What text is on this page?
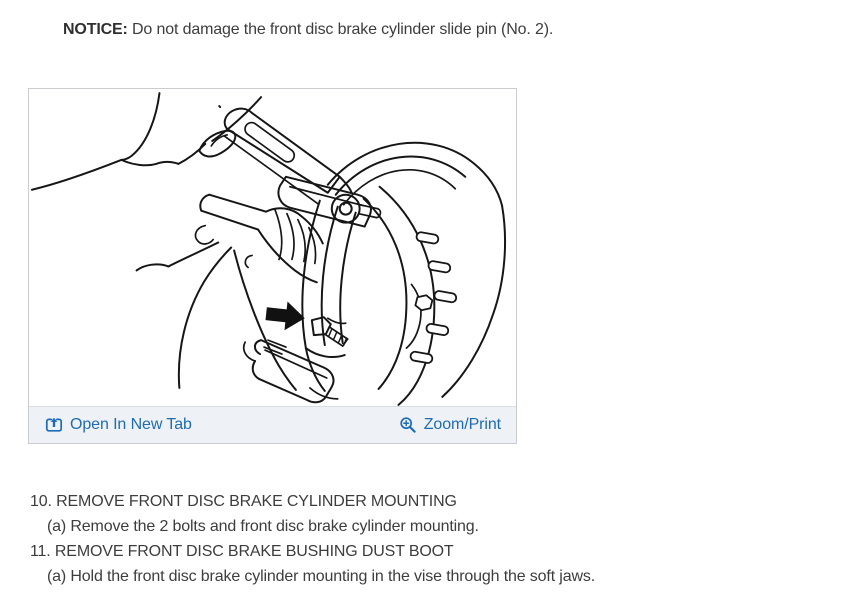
NOTICE: Do not damage the front disc brake cylinder slide pin (No. 2).
Open In New Tab	Zoom/Print
10. REMOVE FRONT DISC BRAKE CYLINDER MOUNTING
(a) Remove the 2 bolts and front disc brake cylinder mounting.
11. REMOVE FRONT DISC BRAKE BUSHING DUST BOOT
(a) Hold the front disc brake cylinder mounting in the vise through the soft jaws.
